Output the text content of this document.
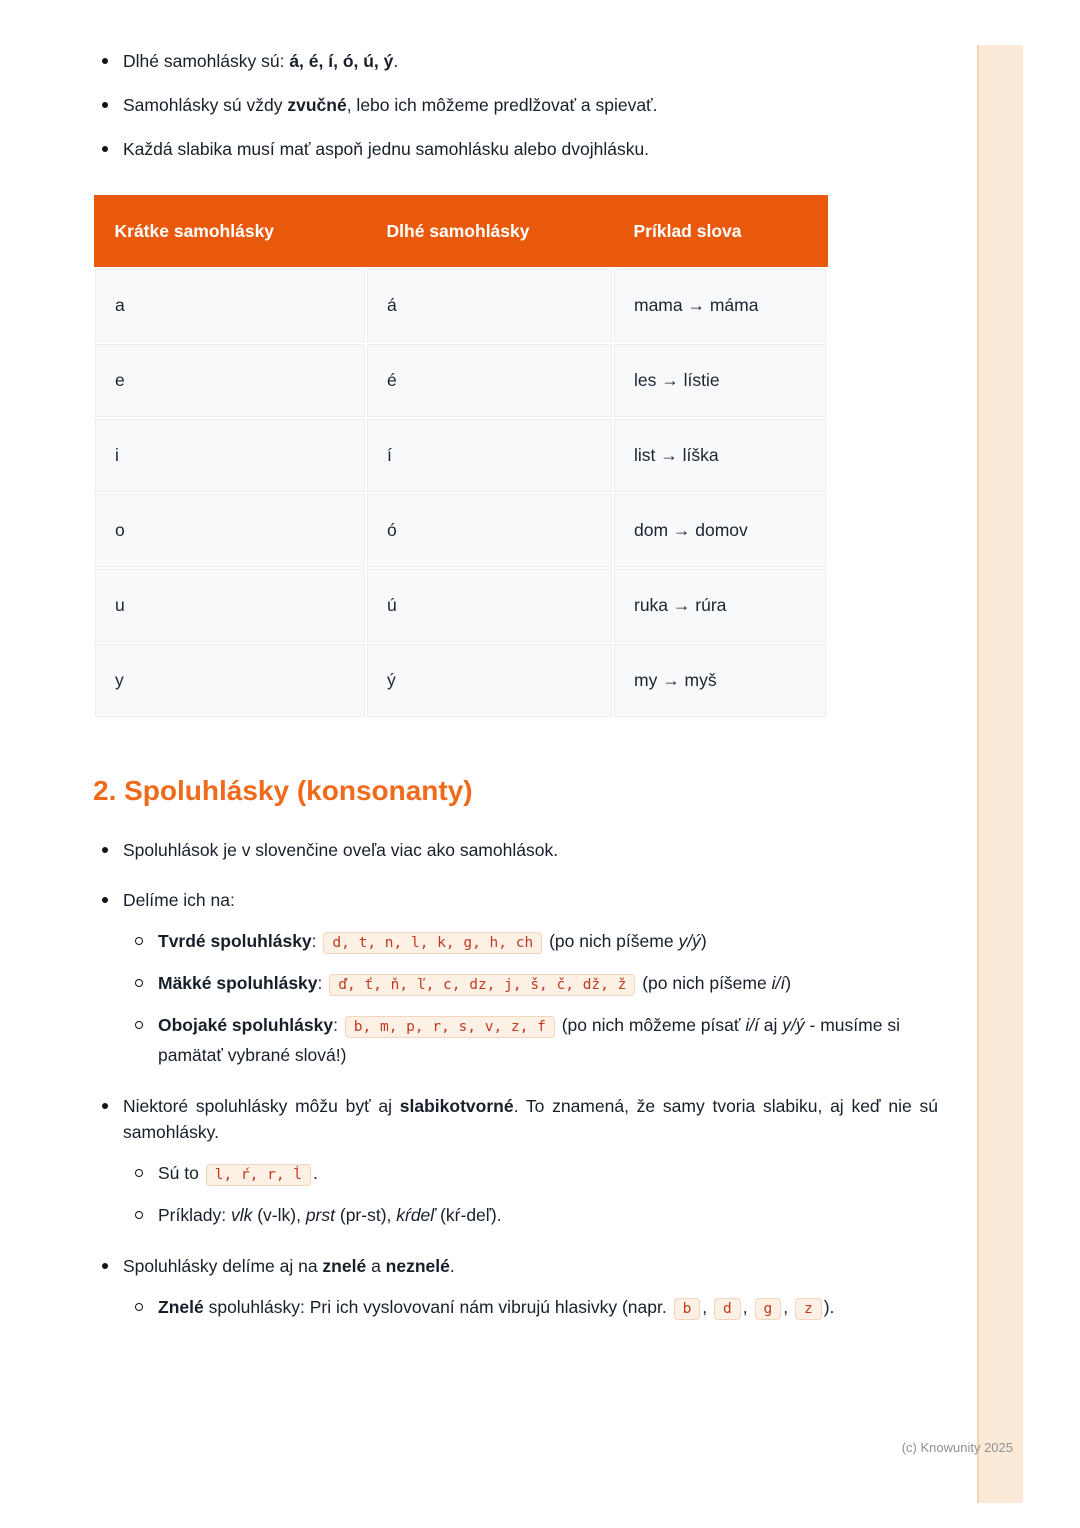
Dlhé samohlásky sú: á, é, í, ó, ú, ý.
Samohlásky sú vždy zvučné, lebo ich môžeme predlžovať a spievať.
Každá slabika musí mať aspoň jednu samohlásku alebo dvojhlásku.
Krátke samohlásky	Dlhé samohlásky	Príklad slova
a	á	mama → máma
e	é	les → lístie
i	í	list → líška
o	ó	dom → domov
u	ú	ruka → rúra
y	ý	my → myš
2. Spoluhlásky (konsonanty)
Spoluhlások je v slovenčine oveľa viac ako samohlások.
Delíme ich na:
Tvrdé spoluhlásky: d, t, n, l, k, g, h, ch (po nich píšeme y/ý)
Mäkké spoluhlásky: ď, ť, ň, ľ, c, dz, j, š, č, dž, ž (po nich píšeme i/í)
Obojaké spoluhlásky: b, m, p, r, s, v, z, f (po nich môžeme písať i/í aj y/ý - musíme si pamätať vybrané slová!)
Niektoré spoluhlásky môžu byť aj slabikotvorné. To znamená, že samy tvoria slabiku, aj keď nie sú samohlásky.
Sú to l, ŕ, r, ĺ .
Príklady: vlk (v-lk), prst (pr-st), kŕdeľ (kŕ-deľ).
Spoluhlásky delíme aj na znelé a neznelé.
Znelé spoluhlásky: Pri ich vyslovovaní nám vibrujú hlasivky (napr. b , d , g , z ).
(c) Knowunity 2025
